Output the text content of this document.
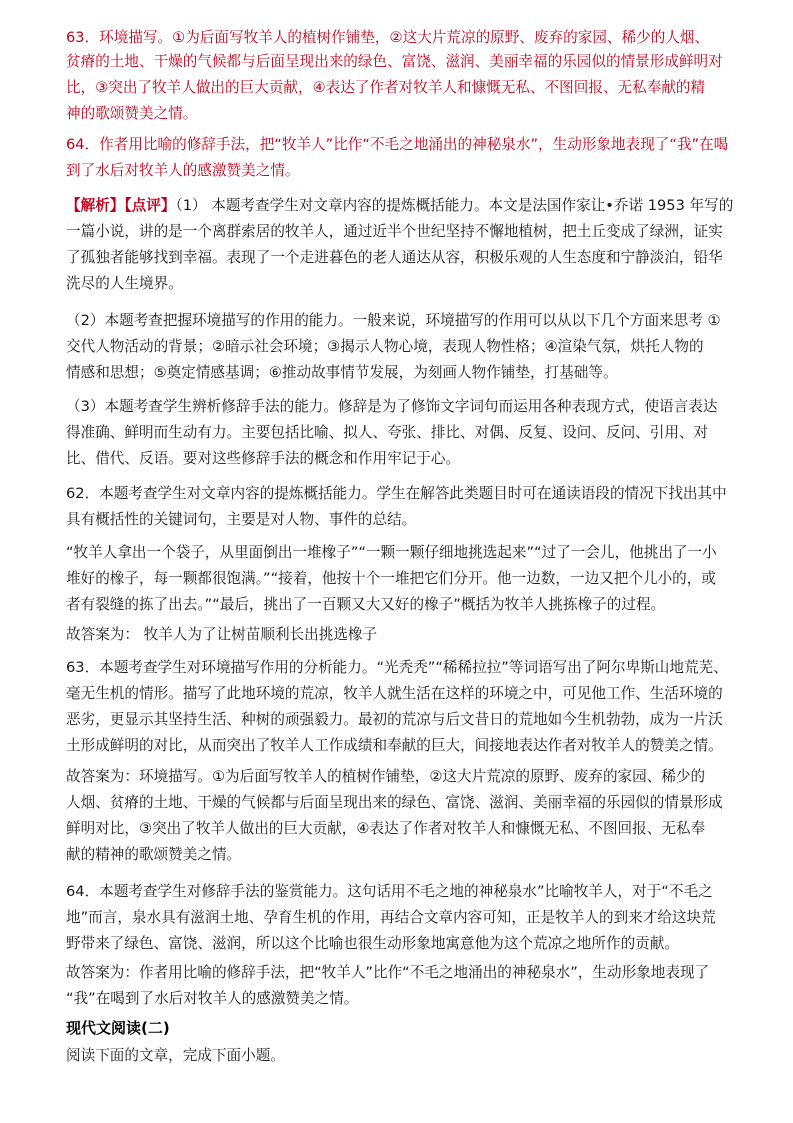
63．环境描写。①为后面写牧羊人的植树作铺垫，②这大片荒凉的原野、废弃的家园、稀少的人烟、
贫瘠的土地、干燥的气候都与后面呈现出来的绿色、富饶、滋润、美丽幸福的乐园似的情景形成鲜明对
比，③突出了牧羊人做出的巨大贡献，④表达了作者对牧羊人和慷慨无私、不图回报、无私奉献的精
神的歌颂赞美之情。
64．作者用比喻的修辞手法，把“牧羊人”比作“不毛之地涌出的神秘泉水”，生动形象地表现了“我”在喝
到了水后对牧羊人的感激赞美之情。
【解析】【点评】（1） 本题考查学生对文章内容的提炼概括能力。本文是法国作家让•乔诺 1953 年写的
一篇小说，讲的是一个离群索居的牧羊人，通过近半个世纪坚持不懈地植树，把土丘变成了绿洲，证实
了孤独者能够找到幸福。表现了一个走进暮色的老人通达从容，积极乐观的人生态度和宁静淡泊，铅华
洗尽的人生境界。
（2）本题考查把握环境描写的作用的能力。一般来说，环境描写的作用可以从以下几个方面来思考 ①
交代人物活动的背景；②暗示社会环境；③揭示人物心境，表现人物性格；④渲染气氛，烘托人物的
情感和思想；⑤奠定情感基调；⑥推动故事情节发展，为刻画人物作铺垫，打基础等。
（3）本题考查学生辨析修辞手法的能力。修辞是为了修饰文字词句而运用各种表现方式，使语言表达
得准确、鲜明而生动有力。主要包括比喻、拟人、夸张、排比、对偶、反复、设问、反问、引用、对
比、借代、反语。要对这些修辞手法的概念和作用牢记于心。
62．本题考查学生对文章内容的提炼概括能力。学生在解答此类题目时可在通读语段的情况下找出其中
具有概括性的关键词句，主要是对人物、事件的总结。
“牧羊人拿出一个袋子，从里面倒出一堆橡子”“一颗一颗仔细地挑选起来”“过了一会儿，他挑出了一小
堆好的橡子，每一颗都很饱满。”“接着，他按十个一堆把它们分开。他一边数，一边又把个儿小的，或
者有裂缝的拣了出去。”“最后，挑出了一百颗又大又好的橡子”概括为牧羊人挑拣橡子的过程。
故答案为： 牧羊人为了让树苗顺利长出挑选橡子
63．本题考查学生对环境描写作用的分析能力。“光秃秃”“稀稀拉拉”等词语写出了阿尔卑斯山地荒芜、
毫无生机的情形。描写了此地环境的荒凉，牧羊人就生活在这样的环境之中，可见他工作、生活环境的
恶劣，更显示其坚持生活、种树的顽强毅力。最初的荒凉与后文昔日的荒地如今生机勃勃，成为一片沃
土形成鲜明的对比，从而突出了牧羊人工作成绩和奉献的巨大，间接地表达作者对牧羊人的赞美之情。
故答案为：环境描写。①为后面写牧羊人的植树作铺垫，②这大片荒凉的原野、废弃的家园、稀少的
人烟、贫瘠的土地、干燥的气候都与后面呈现出来的绿色、富饶、滋润、美丽幸福的乐园似的情景形成
鲜明对比，③突出了牧羊人做出的巨大贡献，④表达了作者对牧羊人和慷慨无私、不图回报、无私奉
献的精神的歌颂赞美之情。
64．本题考查学生对修辞手法的鉴赏能力。这句话用不毛之地的神秘泉水”比喻牧羊人，对于“不毛之
地”而言，泉水具有滋润土地、孕育生机的作用，再结合文章内容可知，正是牧羊人的到来才给这块荒
野带来了绿色、富饶、滋润，所以这个比喻也很生动形象地寓意他为这个荒凉之地所作的贡献。
故答案为：作者用比喻的修辞手法，把“牧羊人”比作“不毛之地涌出的神秘泉水”，生动形象地表现了
“我”在喝到了水后对牧羊人的感激赞美之情。
现代文阅读(二)
阅读下面的文章，完成下面小题。
